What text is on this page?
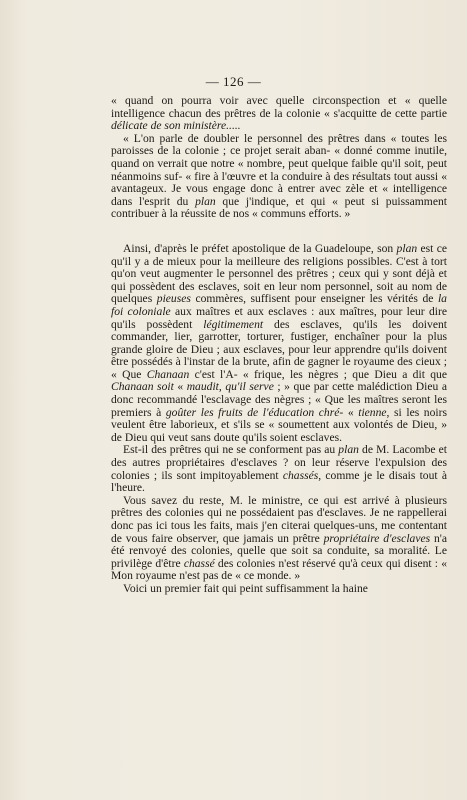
— 126 —

« quand on pourra voir avec quelle circonspection et « quelle intelligence chacun des prêtres de la colonie « s'acquitte de cette partie délicate de son ministère.....

« L'on parle de doubler le personnel des prêtres dans « toutes les paroisses de la colonie ; ce projet serait aban- « donné comme inutile, quand on verrait que notre « nombre, peut quelque faible qu'il soit, peut néanmoins suf- « fire à l'œuvre et la conduire à des résultats tout aussi « avantageux. Je vous engage donc à entrer avec zèle et « intelligence dans l'esprit du plan que j'indique, et qui « peut si puissamment contribuer à la réussite de nos « communs efforts. »

Ainsi, d'après le préfet apostolique de la Guadeloupe, son plan est ce qu'il y a de mieux pour la meilleure des religions possibles. C'est à tort qu'on veut augmenter le personnel des prêtres ; ceux qui y sont déjà et qui possèdent des esclaves, soit en leur nom personnel, soit au nom de quelques pieuses commères, suffisent pour enseigner les vérités de la foi coloniale aux maîtres et aux esclaves : aux maîtres, pour leur dire qu'ils possèdent légitimement des esclaves, qu'ils les doivent commander, lier, garrotter, torturer, fustiger, enchaîner pour la plus grande gloire de Dieu ; aux esclaves, pour leur apprendre qu'ils doivent être possédés à l'instar de la brute, afin de gagner le royaume des cieux ; « Que Chanaan c'est l'A- « frique, les nègres ; que Dieu a dit que Chanaan soit « maudit, qu'il serve ; » que par cette malédiction Dieu a donc recommandé l'esclavage des nègres ; « Que les maîtres seront les premiers à goûter les fruits de l'éducation chré- « tienne, si les noirs veulent être laborieux, et s'ils se « soumettent aux volontés de Dieu, » de Dieu qui veut sans doute qu'ils soient esclaves.

Est-il des prêtres qui ne se conforment pas au plan de M. Lacombe et des autres propriétaires d'esclaves ? on leur réserve l'expulsion des colonies ; ils sont impitoyablement chassés, comme je le disais tout à l'heure.

Vous savez du reste, M. le ministre, ce qui est arrivé à plusieurs prêtres des colonies qui ne possédaient pas d'esclaves. Je ne rappellerai donc pas ici tous les faits, mais j'en citerai quelques-uns, me contentant de vous faire observer, que jamais un prêtre propriétaire d'esclaves n'a été renvoyé des colonies, quelle que soit sa conduite, sa moralité. Le privilège d'être chassé des colonies n'est réservé qu'à ceux qui disent : « Mon royaume n'est pas de « ce monde. »

Voici un premier fait qui peint suffisamment la haine
